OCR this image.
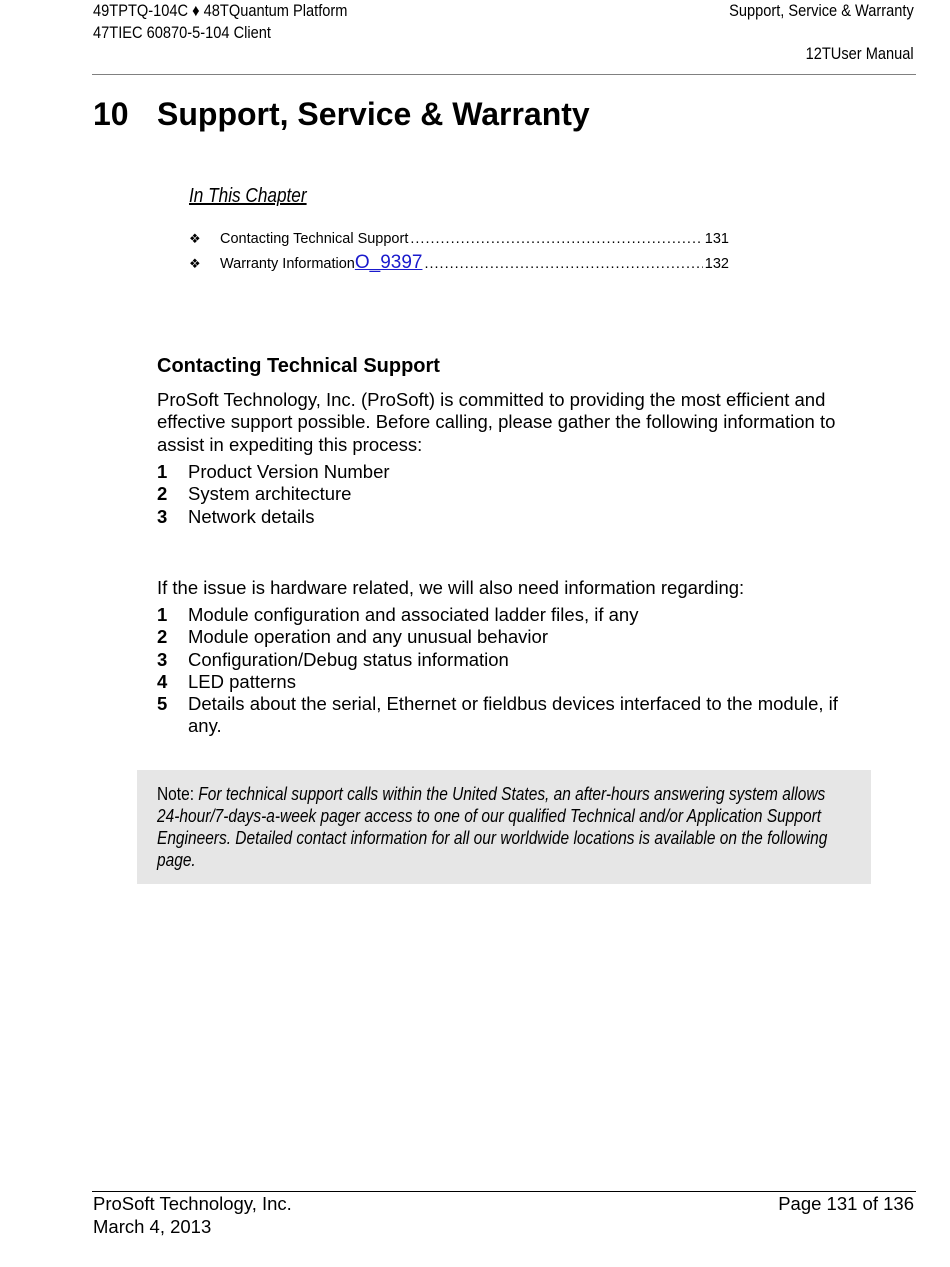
49TPTQ-104C ♦ 48TQuantum Platform
47TIEC 60870-5-104 Client
Support, Service & Warranty
12TUser Manual
10 Support, Service & Warranty
In This Chapter
❖	Contacting Technical Support .....	131
❖	Warranty Information O_9397 .....	132
Contacting Technical Support
ProSoft Technology, Inc. (ProSoft) is committed to providing the most efficient and effective support possible. Before calling, please gather the following information to assist in expediting this process:
1	Product Version Number
2	System architecture
3	Network details
If the issue is hardware related, we will also need information regarding:
1	Module configuration and associated ladder files, if any
2	Module operation and any unusual behavior
3	Configuration/Debug status information
4	LED patterns
5	Details about the serial, Ethernet or fieldbus devices interfaced to the module, if any.
Note: For technical support calls within the United States, an after-hours answering system allows 24-hour/7-days-a-week pager access to one of our qualified Technical and/or Application Support Engineers. Detailed contact information for all our worldwide locations is available on the following page.
ProSoft Technology, Inc.
March 4, 2013
Page 131 of 136
